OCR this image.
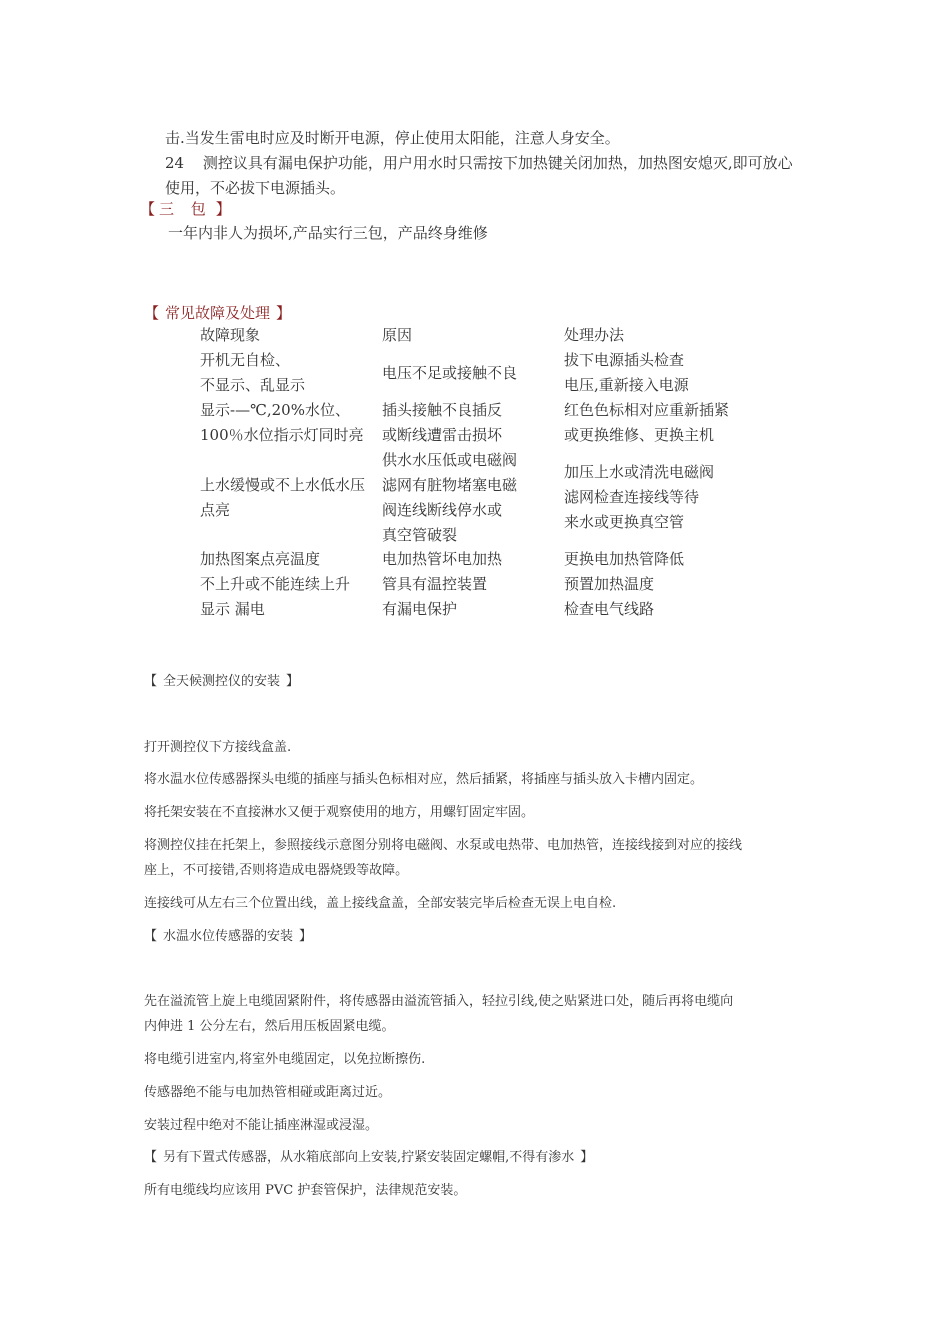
击.当发生雷电时应及时断开电源，停止使用太阳能，注意人身安全。
24 测控议具有漏电保护功能，用户用水时只需按下加热键关闭加热，加热图安熄灭,即可放心
使用，不必拔下电源插头。
【 三 包 】
一年内非人为损坏,产品实行三包，产品终身维修
【 常见故障及处理 】
故障现象	原因	处理办法
开机无自检、
不显示、乱显示
电压不足或接触不良
拔下电源插头检查
电压,重新接入电源
显示-—℃,20%水位、
100％水位指示灯同时亮
插头接触不良插反
或断线遭雷击损坏
红色色标相对应重新插紧
或更换维修、更换主机
上水缓慢或不上水低水压
点亮
供水水压低或电磁阀
滤网有脏物堵塞电磁
阀连线断线停水或
真空管破裂
加压上水或清洗电磁阀
滤网检查连接线等待
来水或更换真空管
加热图案点亮温度
不上升或不能连续上升
显示 漏电
电加热管坏电加热
管具有温控装置
有漏电保护
更换电加热管降低
预置加热温度
检查电气线路
【 全天候测控仪的安装 】
打开测控仪下方接线盒盖.
将水温水位传感器探头电缆的插座与插头色标相对应，然后插紧，将插座与插头放入卡槽内固定。
将托架安装在不直接淋水又便于观察使用的地方，用螺钉固定牢固。
将测控仪挂在托架上，参照接线示意图分别将电磁阀、水泵或电热带、电加热管，连接线接到对应的接线
座上，不可接错,否则将造成电器烧毁等故障。
连接线可从左右三个位置出线，盖上接线盒盖，全部安装完毕后检查无误上电自检.
【 水温水位传感器的安装 】
先在溢流管上旋上电缆固紧附件，将传感器由溢流管插入，轻拉引线,使之贴紧进口处，随后再将电缆向
内伸进 1 公分左右，然后用压板固紧电缆。
将电缆引进室内,将室外电缆固定，以免拉断擦伤.
传感器绝不能与电加热管相碰或距离过近。
安装过程中绝对不能让插座淋湿或浸湿。
【 另有下置式传感器，从水箱底部向上安装,拧紧安装固定螺帽,不得有渗水 】
所有电缆线均应该用 PVC 护套管保护，法律规范安装。
